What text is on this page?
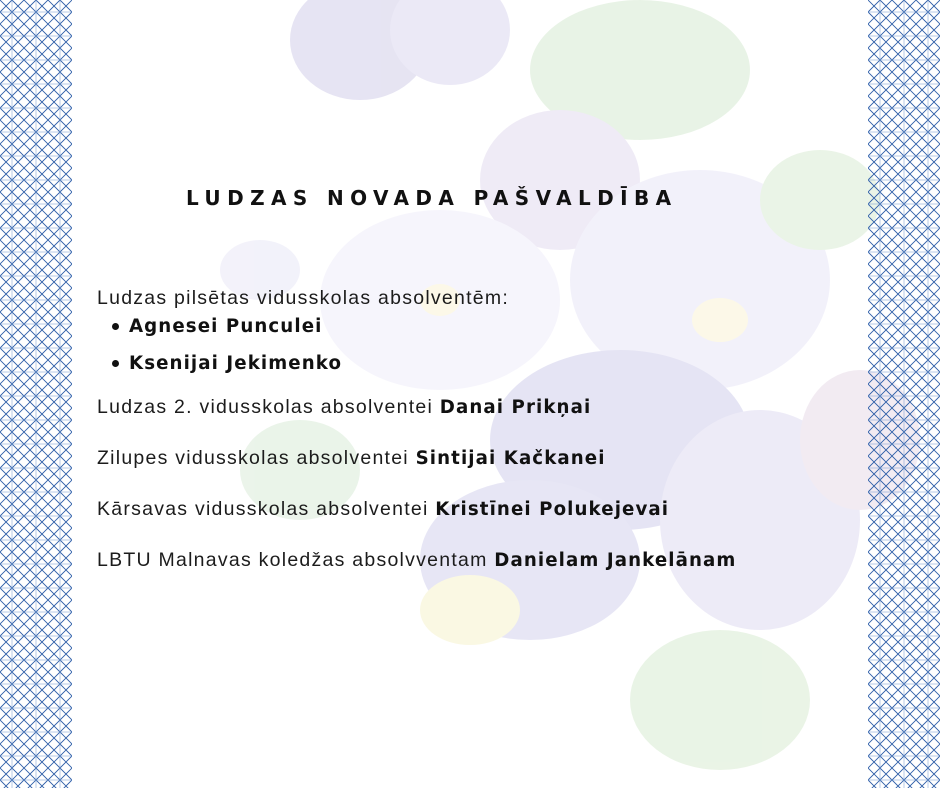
LUDZAS NOVADA PAŠVALDĪBA
Ludzas pilsētas vidusskolas absolventēm:
Agnesei Punculei
Ksenijai Jekimenko
Ludzas 2. vidusskolas absolventei Danai Prikņai
Zilupes vidusskolas absolventei Sintijai Kačkanei
Kārsavas vidusskolas absolventei Kristīnei Polukejevai
LBTU Malnavas koledžas absolvventam Danielam Jankelānam
